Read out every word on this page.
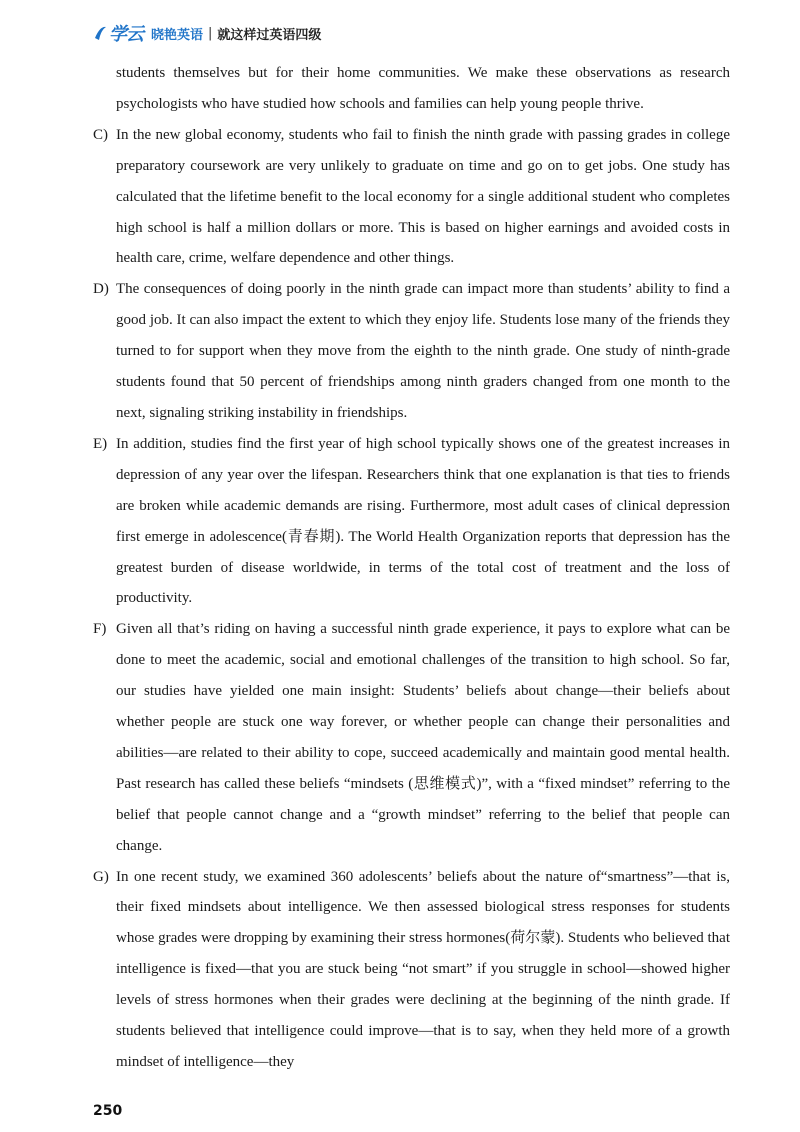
学云 晓艳英语 | 就这样过英语四级
students themselves but for their home communities. We make these observations as research psychologists who have studied how schools and families can help young people thrive.
C) In the new global economy, students who fail to finish the ninth grade with passing grades in college preparatory coursework are very unlikely to graduate on time and go on to get jobs. One study has calculated that the lifetime benefit to the local economy for a single additional student who completes high school is half a million dollars or more. This is based on higher earnings and avoided costs in health care, crime, welfare dependence and other things.
D) The consequences of doing poorly in the ninth grade can impact more than students’ ability to find a good job. It can also impact the extent to which they enjoy life. Students lose many of the friends they turned to for support when they move from the eighth to the ninth grade. One study of ninth-grade students found that 50 percent of friendships among ninth graders changed from one month to the next, signaling striking instability in friendships.
E) In addition, studies find the first year of high school typically shows one of the greatest increases in depression of any year over the lifespan. Researchers think that one explanation is that ties to friends are broken while academic demands are rising. Furthermore, most adult cases of clinical depression first emerge in adolescence(青春期). The World Health Organization reports that depression has the greatest burden of disease worldwide, in terms of the total cost of treatment and the loss of productivity.
F) Given all that’s riding on having a successful ninth grade experience, it pays to explore what can be done to meet the academic, social and emotional challenges of the transition to high school. So far, our studies have yielded one main insight: Students’ beliefs about change—their beliefs about whether people are stuck one way forever, or whether people can change their personalities and abilities—are related to their ability to cope, succeed academically and maintain good mental health. Past research has called these beliefs “mindsets (思维模式)”, with a “fixed mindset” referring to the belief that people cannot change and a “growth mindset” referring to the belief that people can change.
G) In one recent study, we examined 360 adolescents’ beliefs about the nature of“smartness”—that is, their fixed mindsets about intelligence. We then assessed biological stress responses for students whose grades were dropping by examining their stress hormones(荷尔蒙). Students who believed that intelligence is fixed—that you are stuck being “not smart” if you struggle in school—showed higher levels of stress hormones when their grades were declining at the beginning of the ninth grade. If students believed that intelligence could improve—that is to say, when they held more of a growth mindset of intelligence—they
250
